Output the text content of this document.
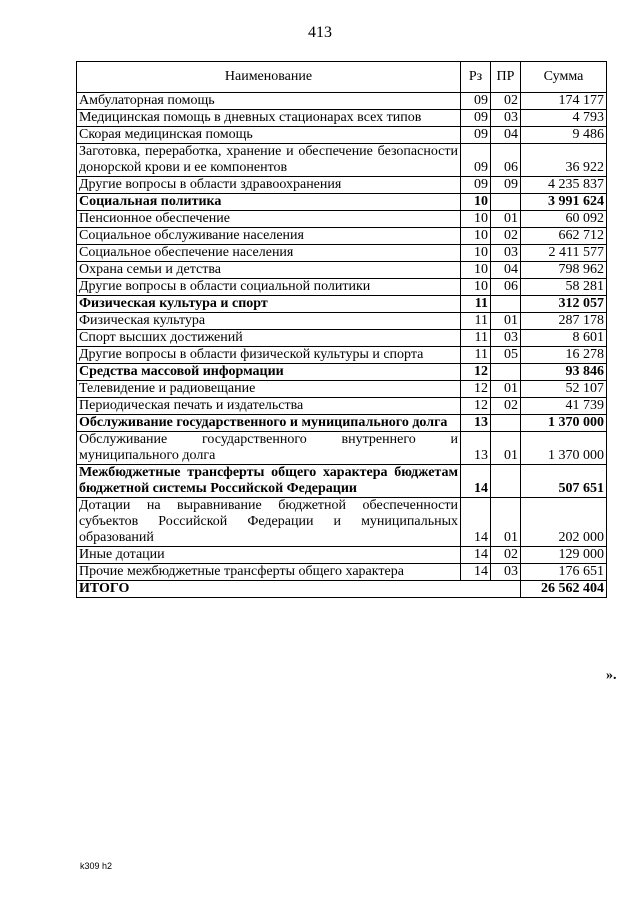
413
Наименование	Рз	ПР	Сумма
Амбулаторная помощь	09	02	174 177
Медицинская помощь в дневных стационарах всех типов	09	03	4 793
Скорая медицинская помощь	09	04	9 486
Заготовка, переработка, хранение и обеспечение безопасности донорской крови и ее компонентов	09	06	36 922
Другие вопросы в области здравоохранения	09	09	4 235 837
Социальная политика	10		3 991 624
Пенсионное обеспечение	10	01	60 092
Социальное обслуживание населения	10	02	662 712
Социальное обеспечение населения	10	03	2 411 577
Охрана семьи и детства	10	04	798 962
Другие вопросы в области социальной политики	10	06	58 281
Физическая культура и спорт	11		312 057
Физическая культура	11	01	287 178
Спорт высших достижений	11	03	8 601
Другие вопросы в области физической культуры и спорта	11	05	16 278
Средства массовой информации	12		93 846
Телевидение и радиовещание	12	01	52 107
Периодическая печать и издательства	12	02	41 739
Обслуживание государственного и муниципального долга	13		1 370 000
Обслуживание государственного внутреннего и муниципального долга	13	01	1 370 000
Межбюджетные трансферты общего характера бюджетам бюджетной системы Российской Федерации	14		507 651
Дотации на выравнивание бюджетной обеспеченности субъектов Российской Федерации и муниципальных образований	14	01	202 000
Иные дотации	14	02	129 000
Прочие межбюджетные трансферты общего характера	14	03	176 651
ИТОГО			26 562 404
».
k309 h2
